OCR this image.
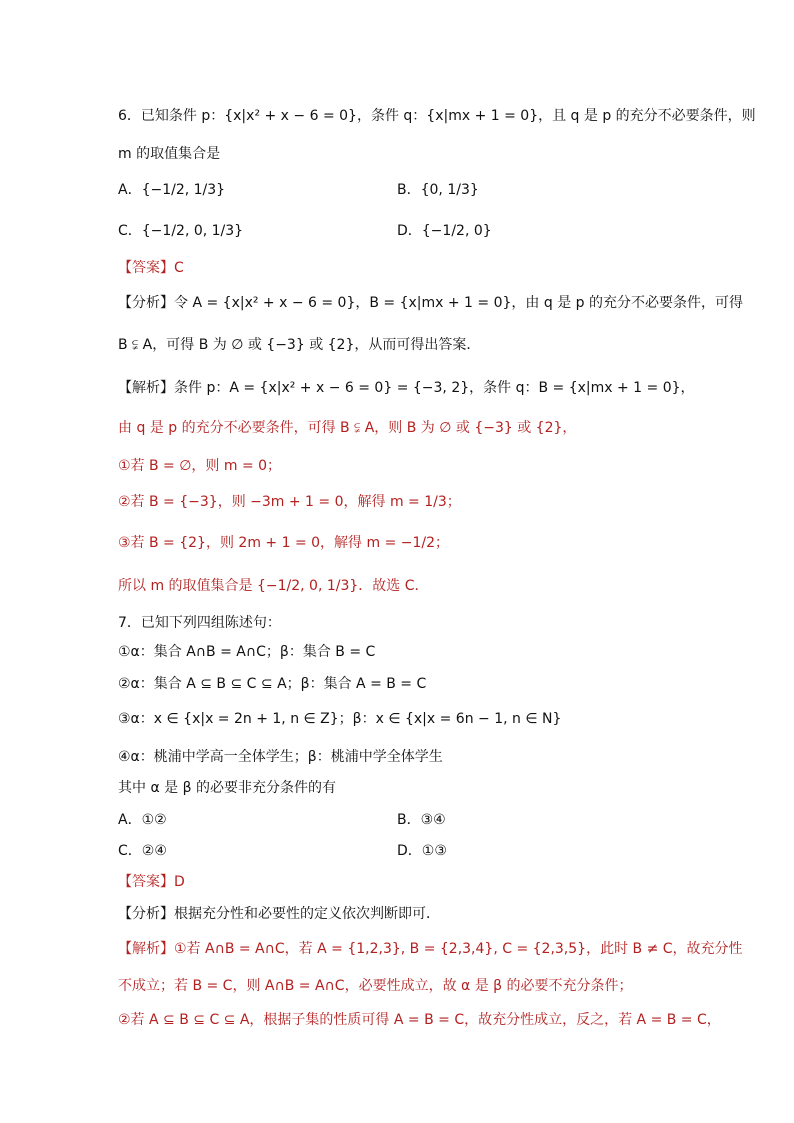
6．已知条件 p：{x|x² + x − 6 = 0}，条件 q：{x|mx + 1 = 0}，且 q 是 p 的充分不必要条件，则
m 的取值集合是
A．{−1/2, 1/3}	B．{0, 1/3}
C．{−1/2, 0, 1/3}	D．{−1/2, 0}
【答案】C
【分析】令 A = {x|x² + x − 6 = 0}，B = {x|mx + 1 = 0}，由 q 是 p 的充分不必要条件，可得
B ⫋ A，可得 B 为 ∅ 或 {−3} 或 {2}，从而可得出答案．
【解析】条件 p：A = {x|x² + x − 6 = 0} = {−3, 2}，条件 q：B = {x|mx + 1 = 0}，
由 q 是 p 的充分不必要条件，可得 B ⫋ A，则 B 为 ∅ 或 {−3} 或 {2}，
①若 B = ∅，则 m = 0；
②若 B = {−3}，则 −3m + 1 = 0，解得 m = 1/3；
③若 B = {2}，则 2m + 1 = 0，解得 m = −1/2；
所以 m 的取值集合是 {−1/2, 0, 1/3}．故选 C．
7．已知下列四组陈述句：
①α：集合 A∩B = A∩C；β：集合 B = C
②α：集合 A ⊆ B ⊆ C ⊆ A；β：集合 A = B = C
③α：x ∈ {x|x = 2n + 1, n ∈ Z}；β：x ∈ {x|x = 6n − 1, n ∈ N}
④α：桃浦中学高一全体学生；β：桃浦中学全体学生
其中 α 是 β 的必要非充分条件的有
A．①②	B．③④
C．②④	D．①③
【答案】D
【分析】根据充分性和必要性的定义依次判断即可．
【解析】①若 A∩B = A∩C，若 A = {1,2,3}, B = {2,3,4}, C = {2,3,5}，此时 B ≠ C，故充分性
不成立；若 B = C，则 A∩B = A∩C，必要性成立，故 α 是 β 的必要不充分条件；
②若 A ⊆ B ⊆ C ⊆ A，根据子集的性质可得 A = B = C，故充分性成立，反之，若 A = B = C，
